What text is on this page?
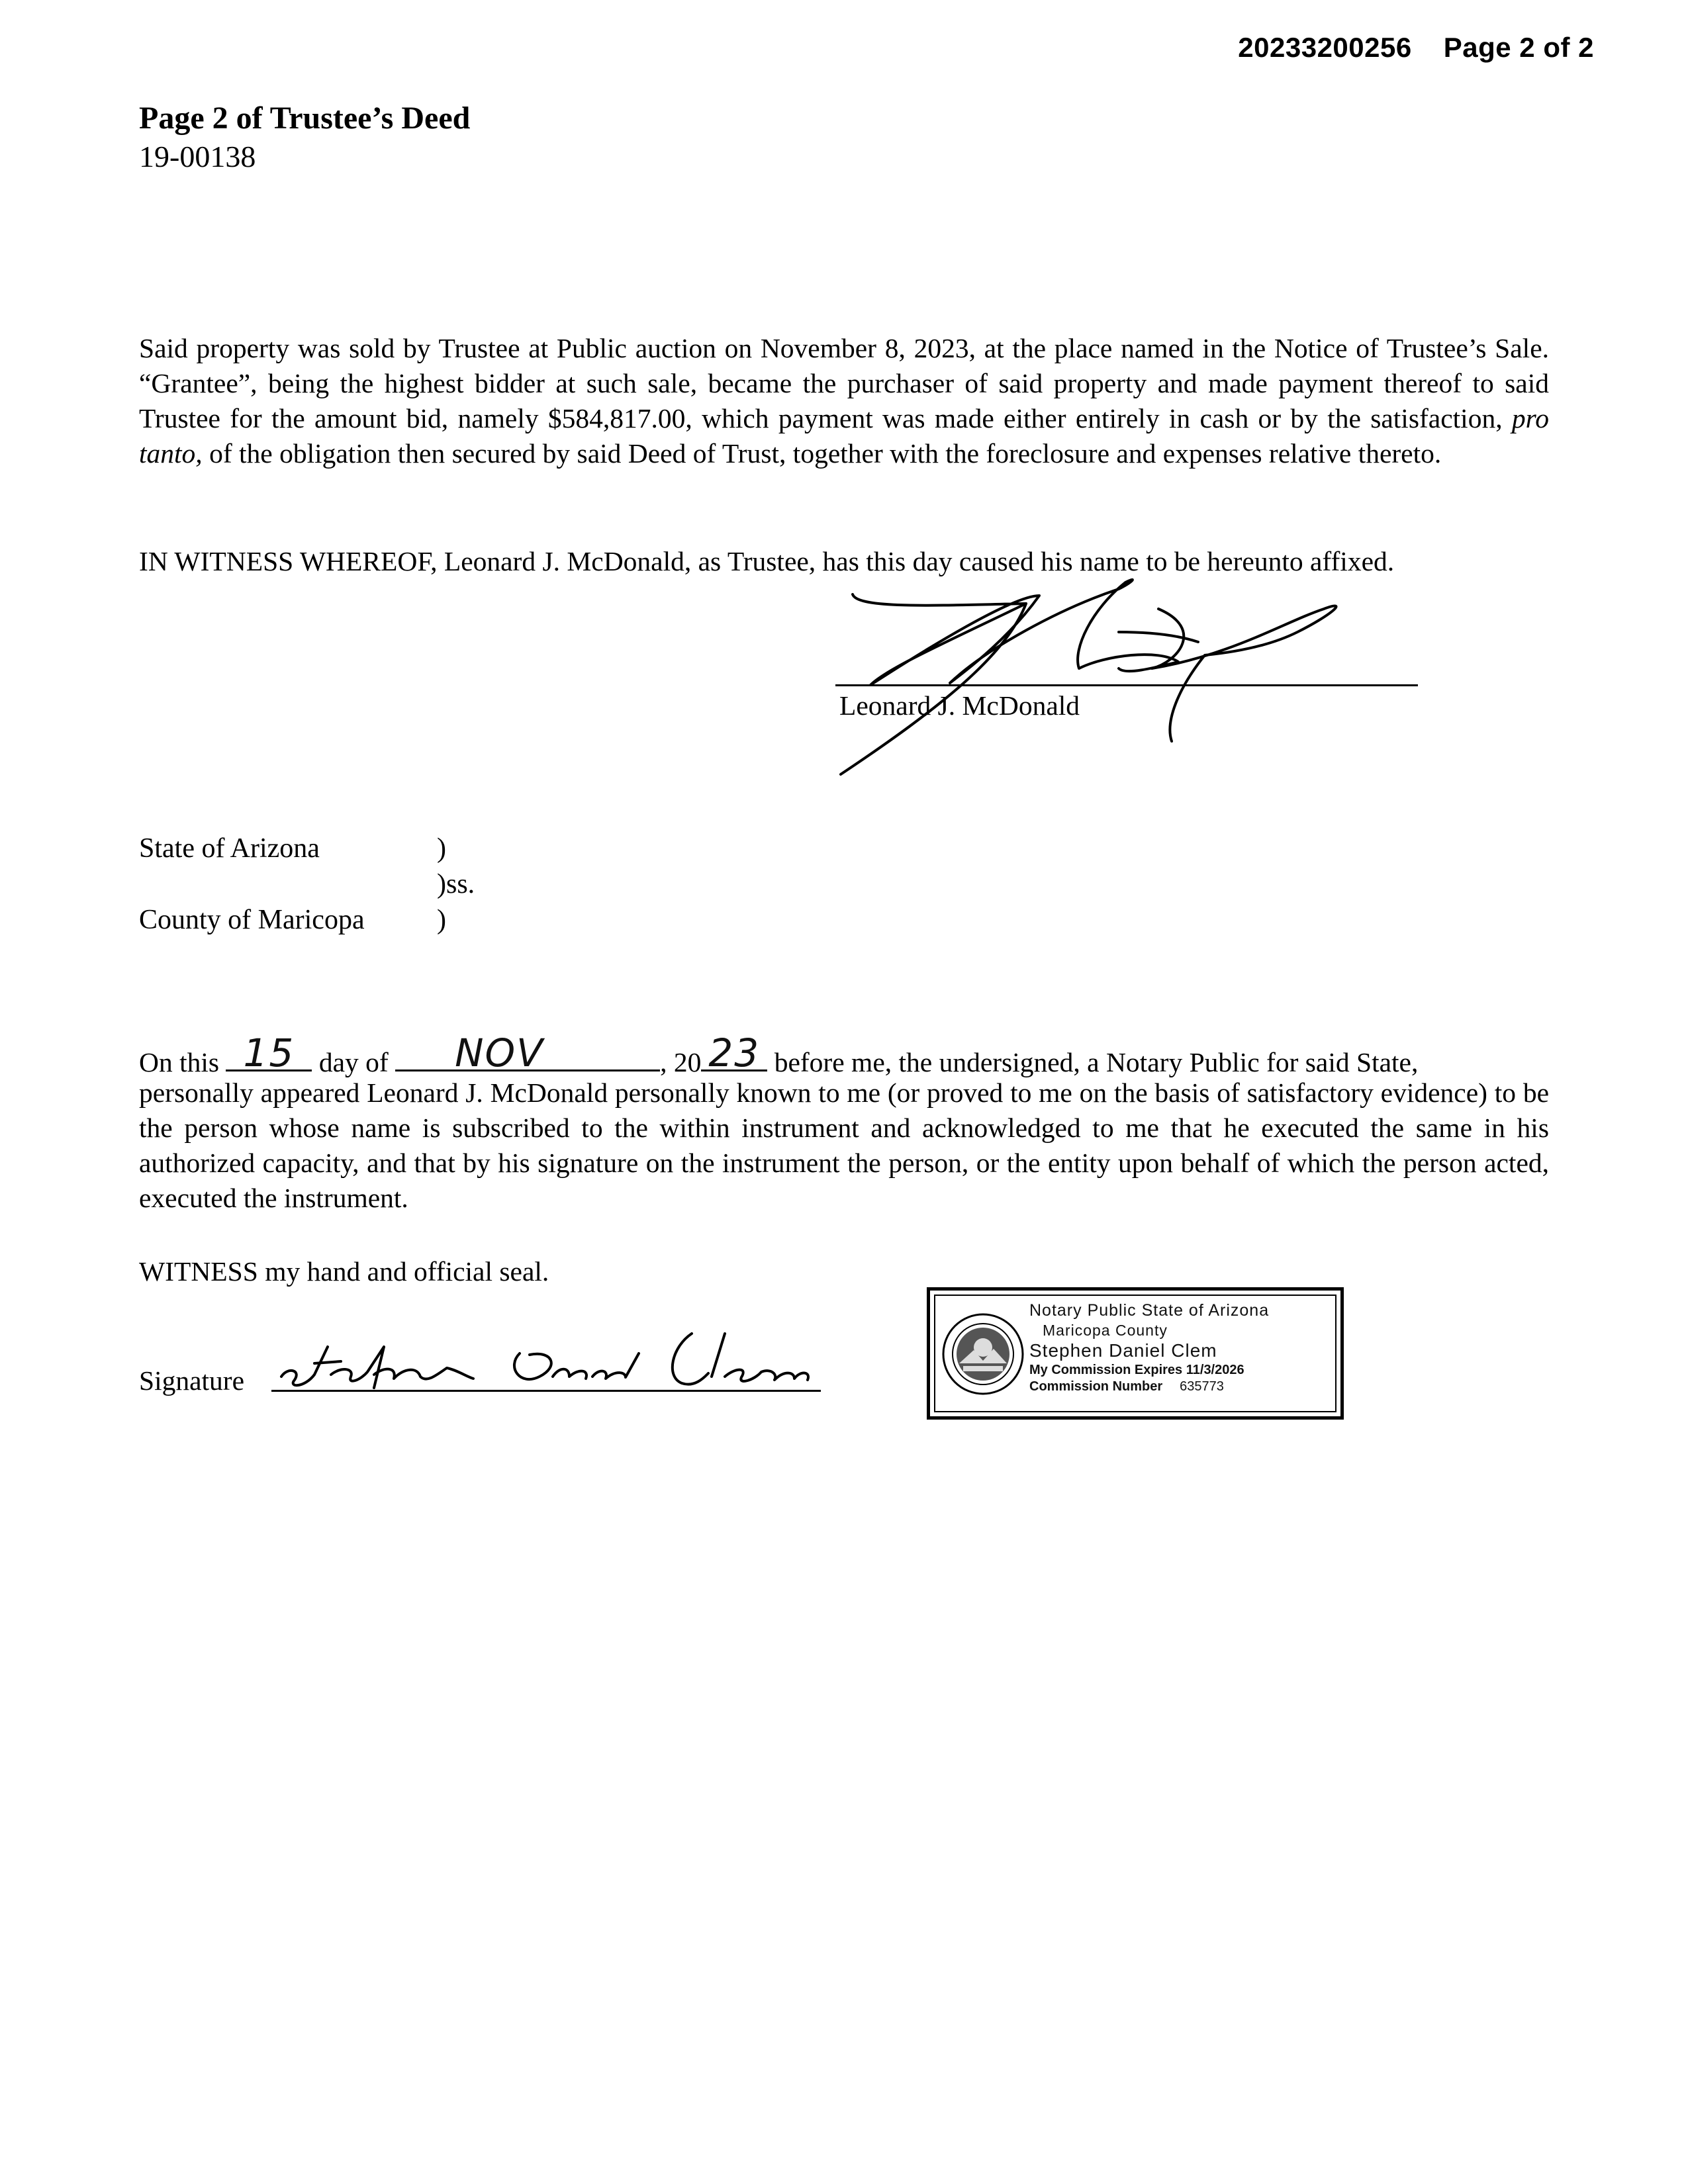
20233200256 Page 2 of 2
Page 2 of Trustee’s Deed
19-00138
Said property was sold by Trustee at Public auction on November 8, 2023, at the place named in the Notice of Trustee’s Sale. “Grantee”, being the highest bidder at such sale, became the purchaser of said property and made payment thereof to said Trustee for the amount bid, namely $584,817.00, which payment was made either entirely in cash or by the satisfaction, pro tanto, of the obligation then secured by said Deed of Trust, together with the foreclosure and expenses relative thereto.
IN WITNESS WHEREOF, Leonard J. McDonald, as Trustee, has this day caused his name to be hereunto affixed.
Leonard J. McDonald
State of Arizona	)
)ss.
County of Maricopa	)
On this 15 day of	NOV	, 20 23 before me, the undersigned, a Notary Public for said State,
personally appeared Leonard J. McDonald personally known to me (or proved to me on the basis of satisfactory evidence) to be the person whose name is subscribed to the within instrument and acknowledged to me that he executed the same in his authorized capacity, and that by his signature on the instrument the person, or the entity upon behalf of which the person acted, executed the instrument.
WITNESS my hand and official seal.
Signature
Notary Public State of Arizona
Maricopa County
Stephen Daniel Clem
My Commission Expires 11/3/2026
Commission Number 635773
